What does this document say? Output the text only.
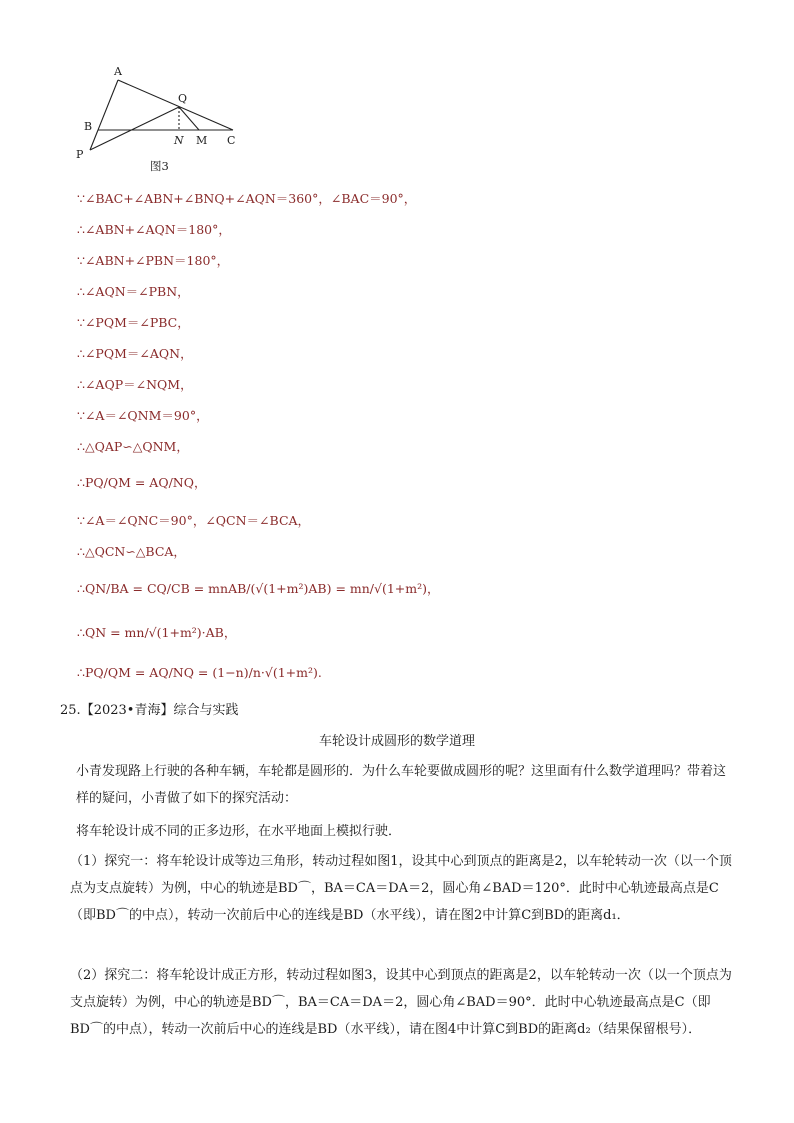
A
Q
B
N M C
P
图3
∵∠BAC+∠ABN+∠BNQ+∠AQN＝360°，∠BAC＝90°，
∴∠ABN+∠AQN＝180°，
∵∠ABN+∠PBN＝180°，
∴∠AQN＝∠PBN，
∵∠PQM＝∠PBC，
∴∠PQM＝∠AQN，
∴∠AQP＝∠NQM，
∵∠A＝∠QNM＝90°，
∴△QAP∽△QNM，
∴PQ/QM = AQ/NQ，
∵∠A＝∠QNC＝90°，∠QCN＝∠BCA，
∴△QCN∽△BCA，
∴QN/BA = CQ/CB = mnAB/(√(1+m²)AB) = mn/√(1+m²)，
∴QN = mn/√(1+m²)·AB，
∴PQ/QM = AQ/NQ = (1−n)/n·√(1+m²).
25.【2023•青海】综合与实践
车轮设计成圆形的数学道理
小青发现路上行驶的各种车辆，车轮都是圆形的．为什么车轮要做成圆形的呢？这里面有什么数学道理吗？带着这样的疑问，小青做了如下的探究活动：
将车轮设计成不同的正多边形，在水平地面上模拟行驶．
（1）探究一：将车轮设计成等边三角形，转动过程如图1，设其中心到顶点的距离是2，以车轮转动一次（以一个顶点为支点旋转）为例，中心的轨迹是BD⌒，BA＝CA＝DA＝2，圆心角∠BAD＝120°．此时中心轨迹最高点是C（即BD⌒的中点），转动一次前后中心的连线是BD（水平线），请在图2中计算C到BD的距离d₁．
（2）探究二：将车轮设计成正方形，转动过程如图3，设其中心到顶点的距离是2，以车轮转动一次（以一个顶点为支点旋转）为例，中心的轨迹是BD⌒，BA＝CA＝DA＝2，圆心角∠BAD＝90°．此时中心轨迹最高点是C（即BD⌒的中点），转动一次前后中心的连线是BD（水平线），请在图4中计算C到BD的距离d₂（结果保留根号）．
